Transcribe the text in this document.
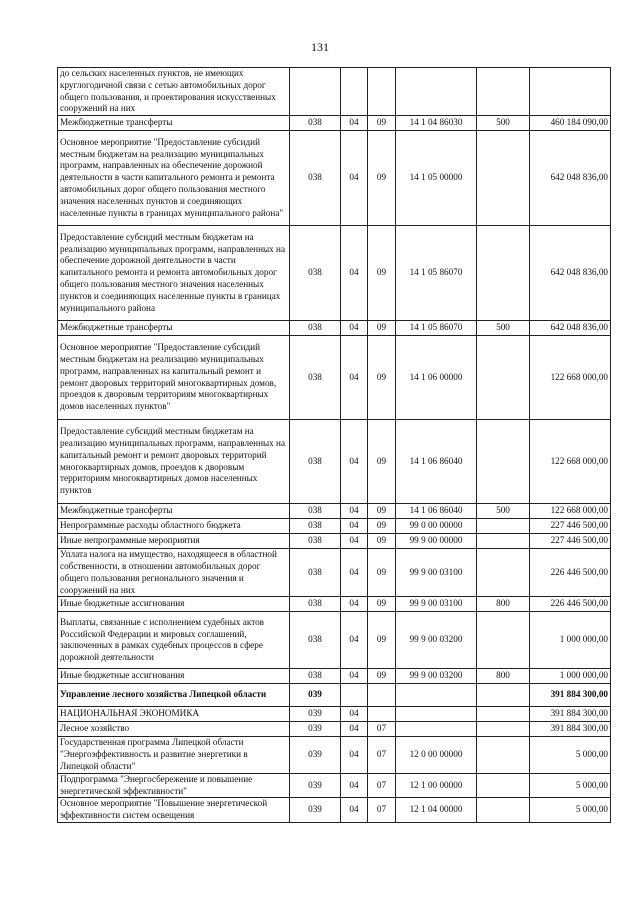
131
до сельских населенных пунктов, не имеющих круглогодичной связи с сетью автомобильных дорог общего пользования, и проектирования искусственных сооружений на них						
Межбюджетные трансферты	038	04	09	14 1 04 86030	500	460 184 090,00
Основное мероприятие "Предоставление субсидий местным бюджетам на реализацию муниципальных программ, направленных на обеспечение дорожной деятельности в части капитального ремонта и ремонта автомобильных дорог общего пользования местного значения населенных пунктов и соединяющих населенные пункты в границах муниципального района"	038	04	09	14 1 05 00000		642 048 836,00
Предоставление субсидий местным бюджетам на реализацию муниципальных программ, направленных на обеспечение дорожной деятельности в части капитального ремонта и ремонта автомобильных дорог общего пользования местного значения населенных пунктов и соединяющих населенные пункты в границах муниципального района	038	04	09	14 1 05 86070		642 048 836,00
Межбюджетные трансферты	038	04	09	14 1 05 86070	500	642 048 836,00
Основное мероприятие "Предоставление субсидий местным бюджетам на реализацию муниципальных программ, направленных на капитальный ремонт и ремонт дворовых территорий многоквартирных домов, проездов к дворовым территориям многоквартирных домов населенных пунктов"	038	04	09	14 1 06 00000		122 668 000,00
Предоставление субсидий местным бюджетам на реализацию муниципальных программ, направленных на капитальный ремонт и ремонт дворовых территорий многоквартирных домов, проездов к дворовым территориям многоквартирных домов населенных пунктов	038	04	09	14 1 06 86040		122 668 000,00
Межбюджетные трансферты	038	04	09	14 1 06 86040	500	122 668 000,00
Непрограммные расходы областного бюджета	038	04	09	99 0 00 00000		227 446 500,00
Иные непрограммные мероприятия	038	04	09	99 9 00 00000		227 446 500,00
Уплата налога на имущество, находящееся в областной собственности, в отношении автомобильных дорог общего пользования регионального значения и сооружений на них	038	04	09	99 9 00 03100		226 446 500,00
Иные бюджетные ассигнования	038	04	09	99 9 00 03100	800	226 446 500,00
Выплаты, связанные с исполнением судебных актов Российской Федерации и мировых соглашений, заключенных в рамках судебных процессов в сфере дорожной деятельности	038	04	09	99 9 00 03200		1 000 000,00
Иные бюджетные ассигнования	038	04	09	99 9 00 03200	800	1 000 000,00
Управление лесного хозяйства Липецкой области	039					391 884 300,00
НАЦИОНАЛЬНАЯ ЭКОНОМИКА	039	04				391 884 300,00
Лесное хозяйство	039	04	07			391 884 300,00
Государственная программа Липецкой области "Энергоэффективность и развитие энергетики в Липецкой области"	039	04	07	12 0 00 00000		5 000,00
Подпрограмма "Энергосбережение и повышение энергетической эффективности"	039	04	07	12 1 00 00000		5 000,00
Основное мероприятие "Повышение энергетической эффективности систем освещения	039	04	07	12 1 04 00000		5 000,00
